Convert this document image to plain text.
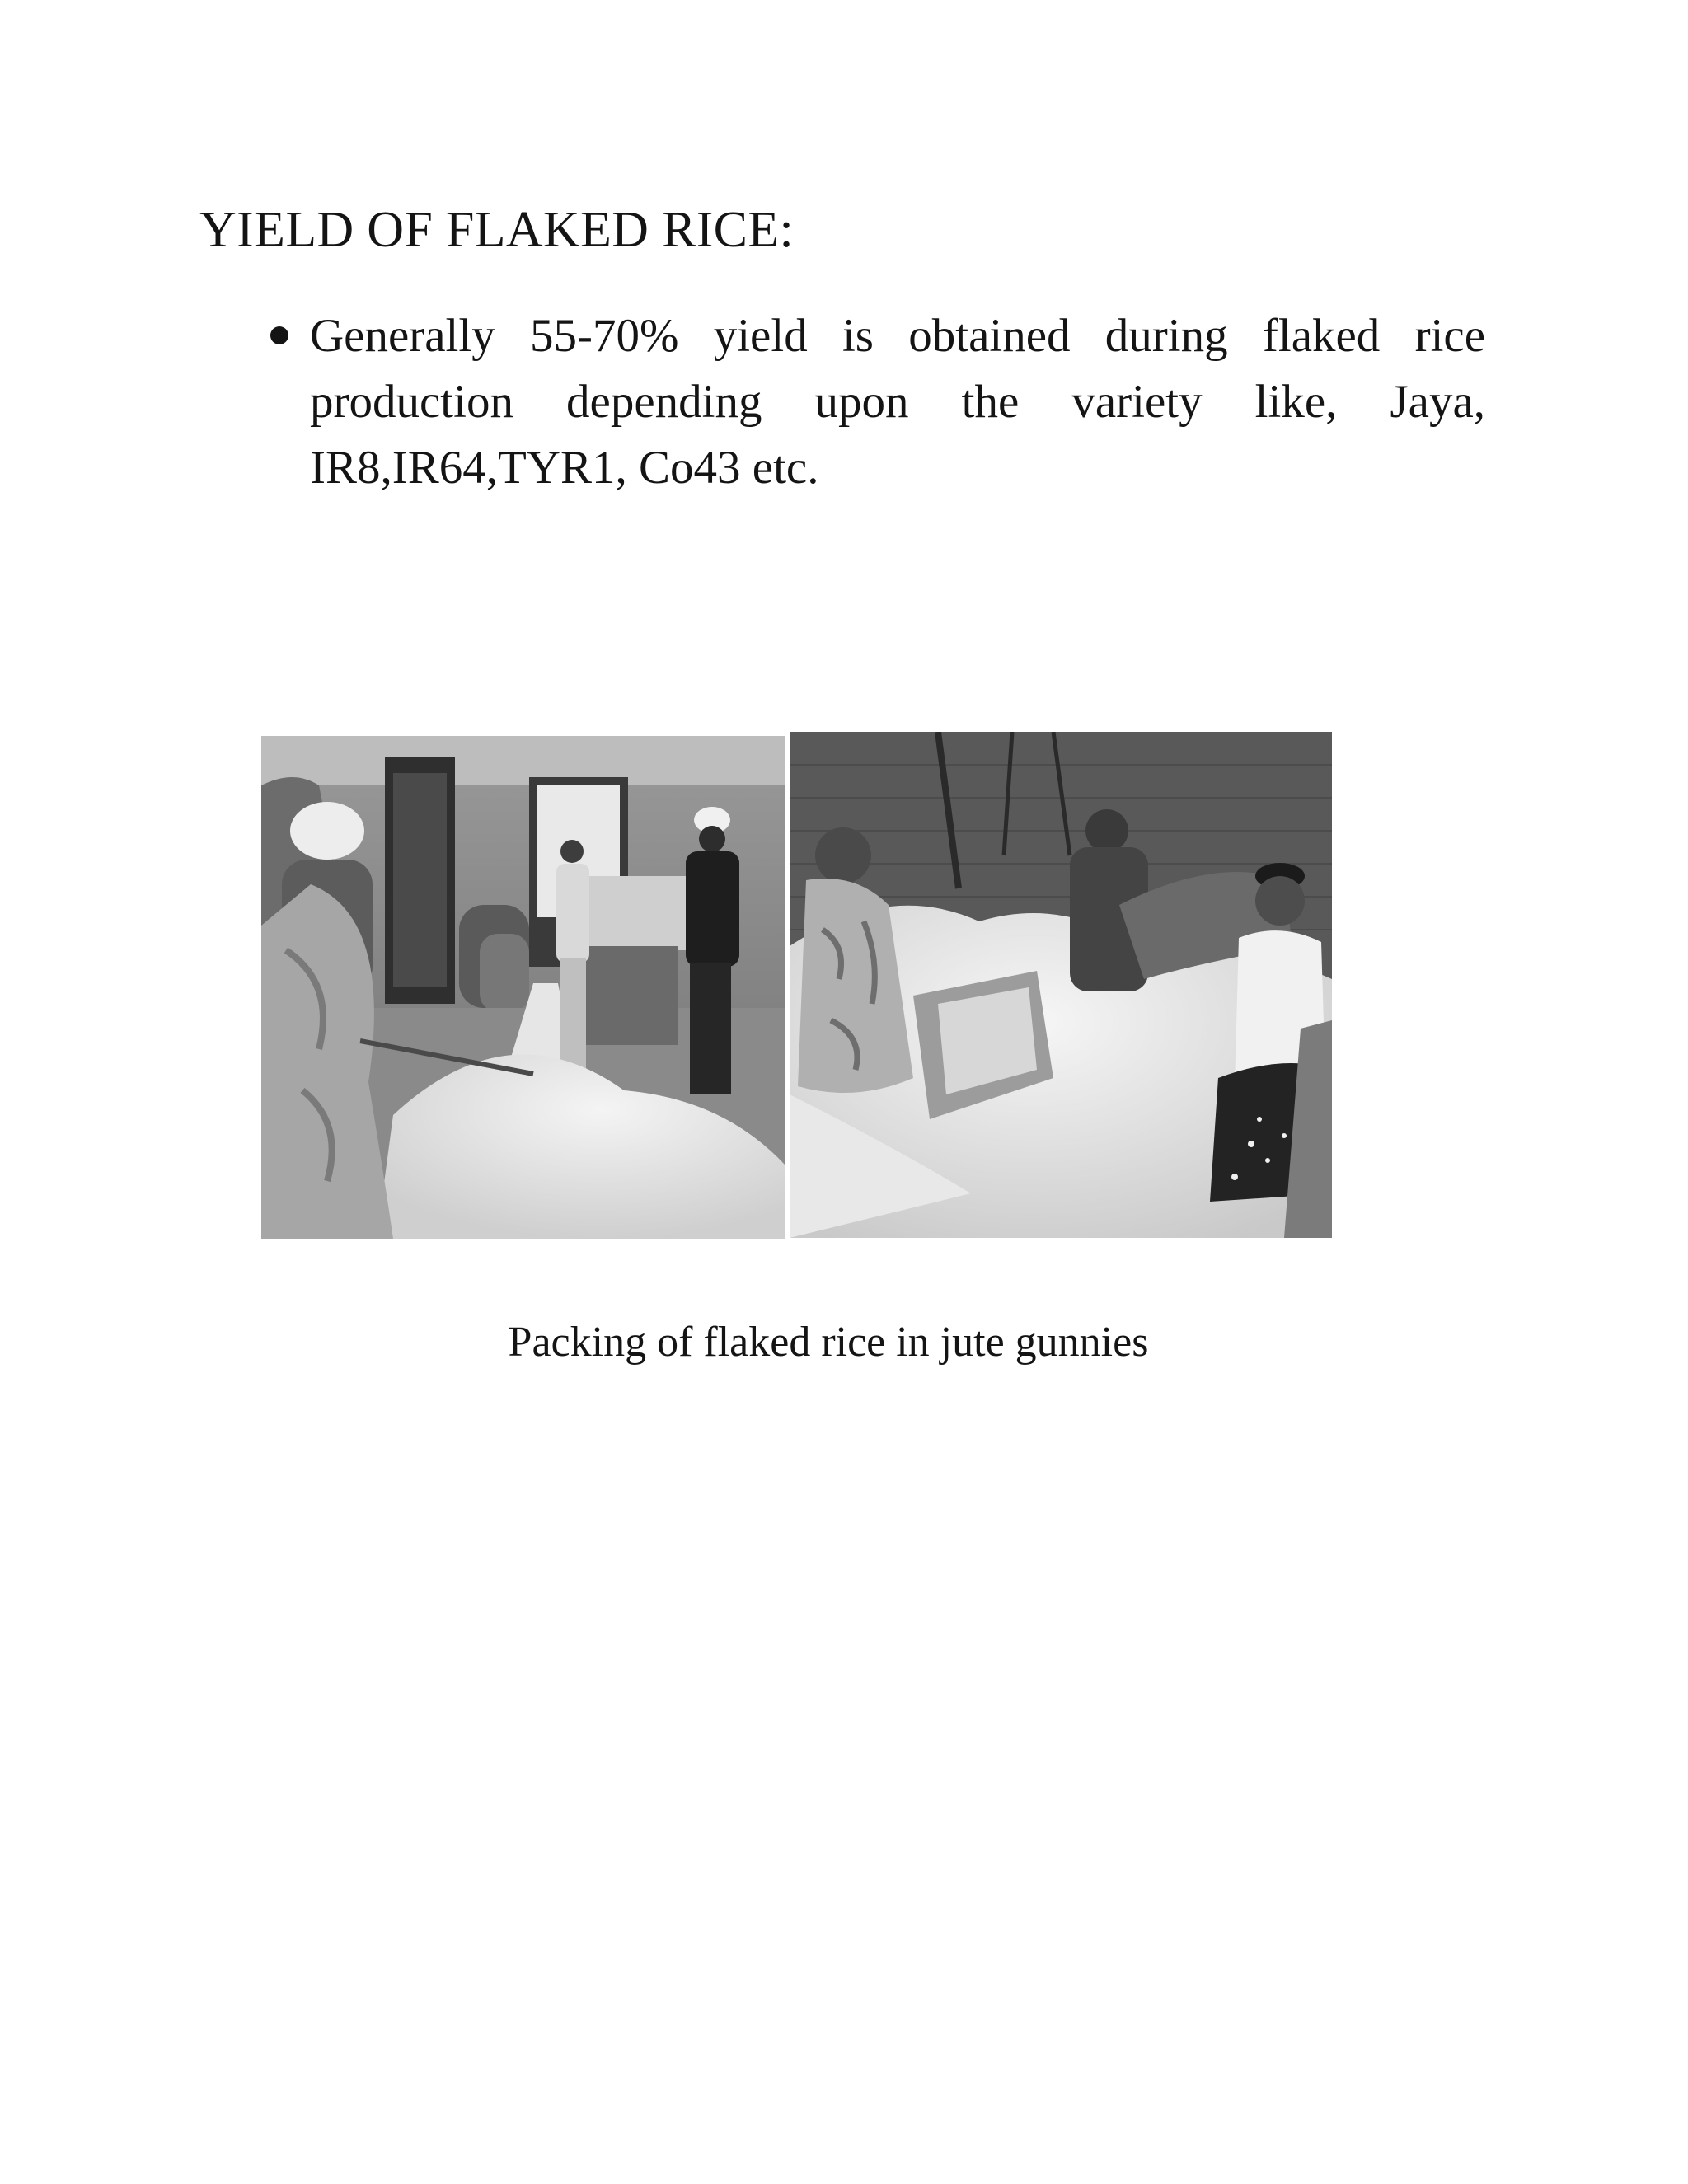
YIELD OF FLAKED RICE:
Generally 55-70% yield is obtained during flaked rice production depending upon the variety like, Jaya, IR8,IR64,TYR1, Co43 etc.

Packing of flaked rice in jute gunnies
